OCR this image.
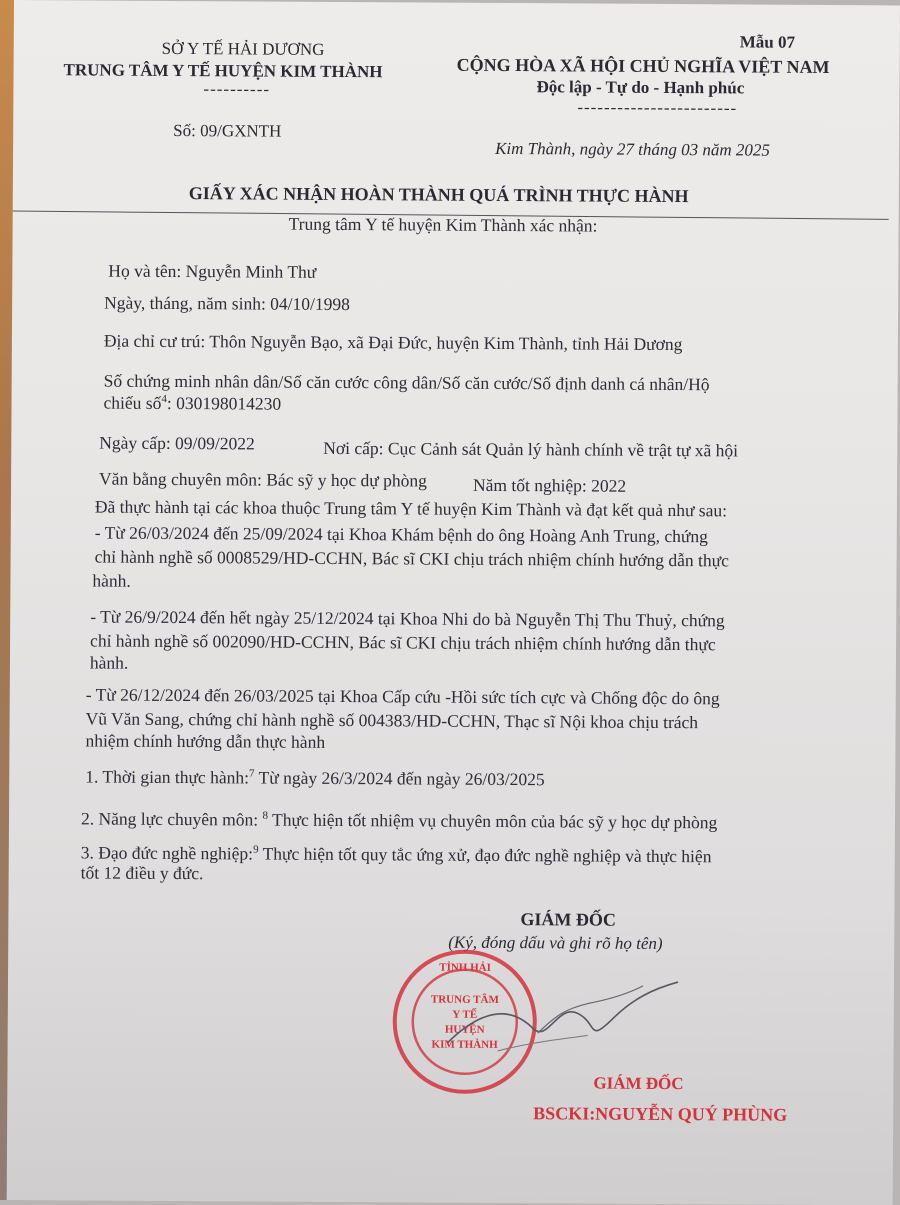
SỞ Y TẾ HẢI DƯƠNG
TRUNG TÂM Y TẾ HUYỆN KIM THÀNH
----------
Mẫu 07
CỘNG HÒA XÃ HỘI CHỦ NGHĨA VIỆT NAM
Độc lập - Tự do - Hạnh phúc
------------------------
Số: 09/GXNTH
Kim Thành, ngày 27 tháng 03 năm 2025
GIẤY XÁC NHẬN HOÀN THÀNH QUÁ TRÌNH THỰC HÀNH
Trung tâm Y tế huyện Kim Thành xác nhận:
Họ và tên: Nguyễn Minh Thư
Ngày, tháng, năm sinh: 04/10/1998
Địa chỉ cư trú: Thôn Nguyễn Bạo, xã Đại Đức, huyện Kim Thành, tỉnh Hải Dương
Số chứng minh nhân dân/Số căn cước công dân/Số căn cước/Số định danh cá nhân/Hộ
chiếu số$^4$: 030198014230
Ngày cấp: 09/09/2022	Nơi cấp: Cục Cảnh sát Quản lý hành chính về trật tự xã hội
Văn bằng chuyên môn: Bác sỹ y học dự phòng	Năm tốt nghiệp: 2022
Đã thực hành tại các khoa thuộc Trung tâm Y tế huyện Kim Thành và đạt kết quả như sau:
- Từ 26/03/2024 đến 25/09/2024 tại Khoa Khám bệnh do ông Hoàng Anh Trung, chứng
chỉ hành nghề số 0008529/HD-CCHN, Bác sĩ CKI chịu trách nhiệm chính hướng dẫn thực
hành.
- Từ 26/9/2024 đến hết ngày 25/12/2024 tại Khoa Nhi do bà Nguyễn Thị Thu Thuỷ, chứng
chỉ hành nghề số 002090/HD-CCHN, Bác sĩ CKI chịu trách nhiệm chính hướng dẫn thực
hành.
- Từ 26/12/2024 đến 26/03/2025 tại Khoa Cấp cứu -Hồi sức tích cực và Chống độc do ông
Vũ Văn Sang, chứng chỉ hành nghề số 004383/HD-CCHN, Thạc sĩ Nội khoa chịu trách
nhiệm chính hướng dẫn thực hành
1. Thời gian thực hành:$^7$ Từ ngày 26/3/2024 đến ngày 26/03/2025
2. Năng lực chuyên môn: $^8$ Thực hiện tốt nhiệm vụ chuyên môn của bác sỹ y học dự phòng
3. Đạo đức nghề nghiệp:$^9$ Thực hiện tốt quy tắc ứng xử, đạo đức nghề nghiệp và thực hiện
tốt 12 điều y đức.
GIÁM ĐỐC
(Ký, đóng dấu và ghi rõ họ tên)
TỈNH HẢI
TRUNG TÂM
Y TẾ
HUYỆN
KIM THÀNH
GIÁM ĐỐC
BSCKI:NGUYỄN QUÝ PHÙNG
